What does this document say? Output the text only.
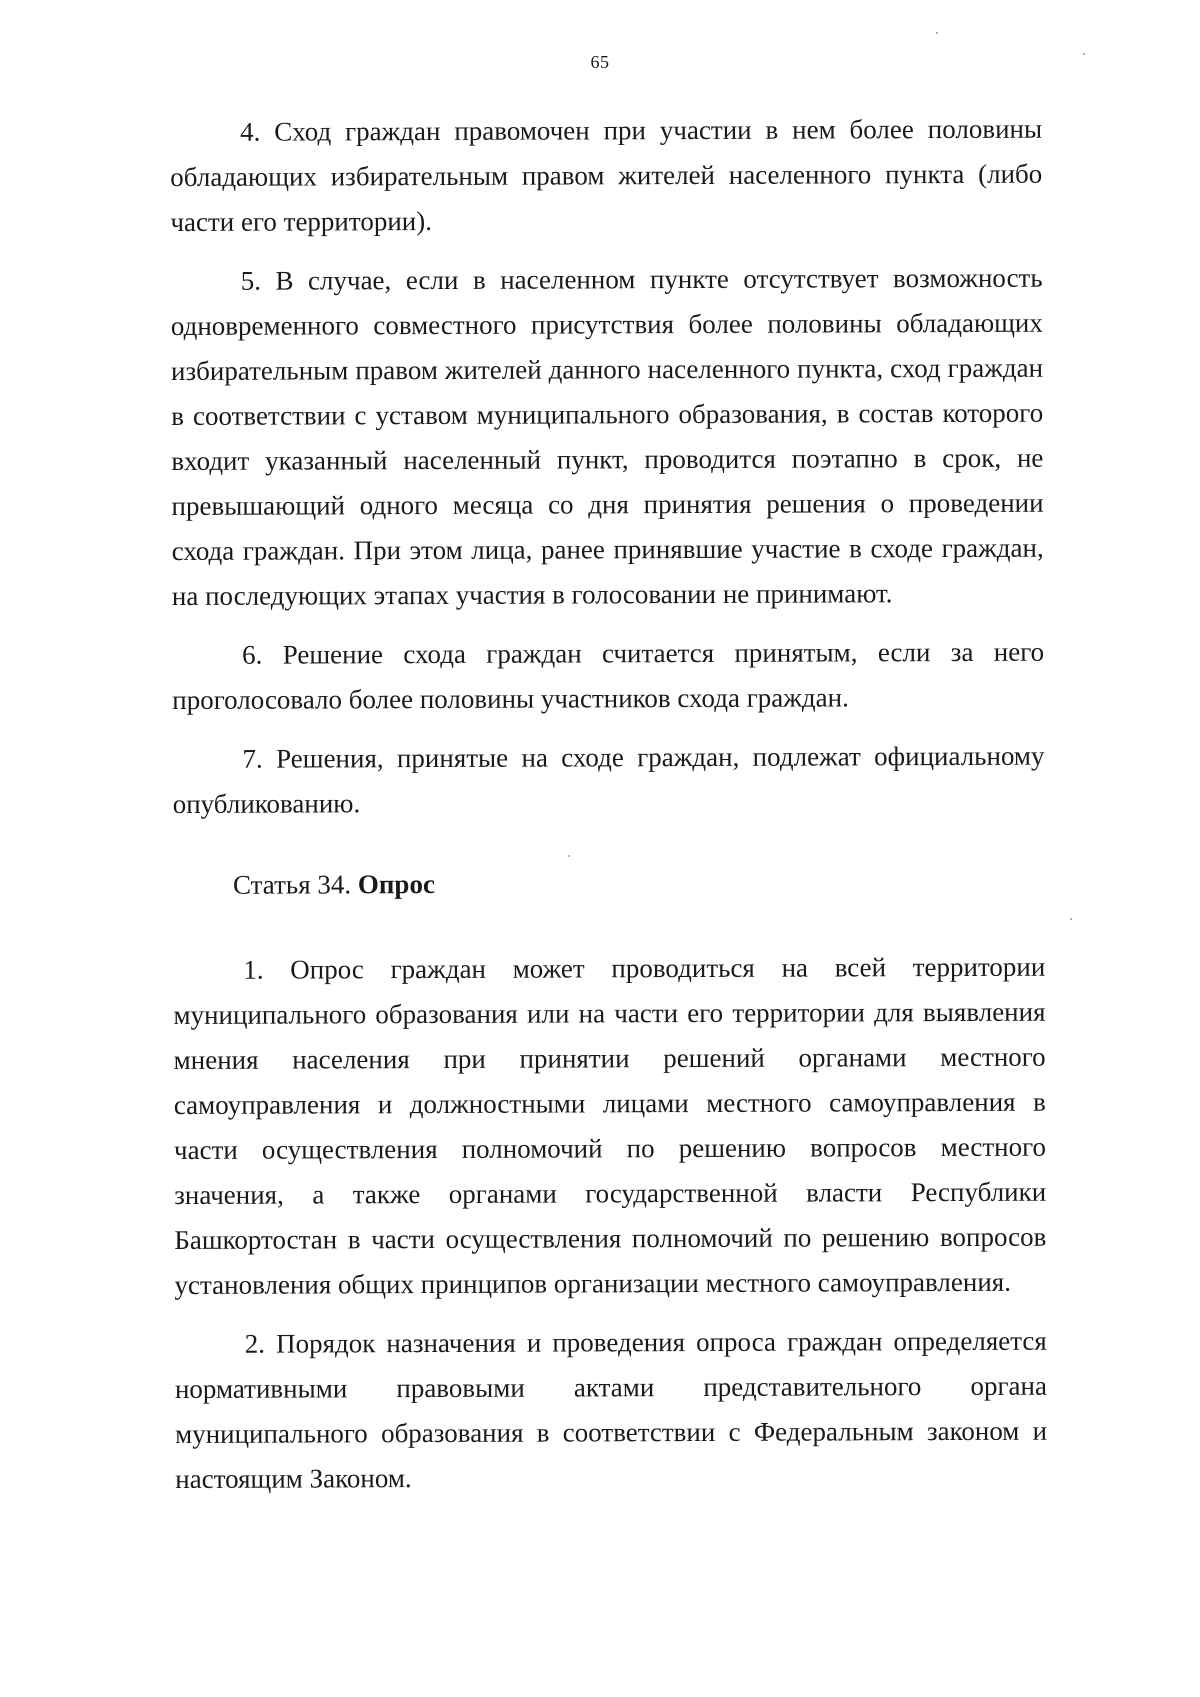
65

4. Сход граждан правомочен при участии в нем более половины обладающих избирательным правом жителей населенного пункта (либо части его территории).

5. В случае, если в населенном пункте отсутствует возможность одновременного совместного присутствия более половины обладающих избирательным правом жителей данного населенного пункта, сход граждан в соответствии с уставом муниципального образования, в состав которого входит указанный населенный пункт, проводится поэтапно в срок, не превышающий одного месяца со дня принятия решения о проведении схода граждан. При этом лица, ранее принявшие участие в сходе граждан, на последующих этапах участия в голосовании не принимают.

6. Решение схода граждан считается принятым, если за него проголосовало более половины участников схода граждан.

7. Решения, принятые на сходе граждан, подлежат официальному опубликованию.

Статья 34. Опрос

1. Опрос граждан может проводиться на всей территории муниципального образования или на части его территории для выявления мнения населения при принятии решений органами местного самоуправления и должностными лицами местного самоуправления в части осуществления полномочий по решению вопросов местного значения, а также органами государственной власти Республики Башкортостан в части осуществления полномочий по решению вопросов установления общих принципов организации местного самоуправления.

2. Порядок назначения и проведения опроса граждан определяется нормативными правовыми актами представительного органа муниципального образования в соответствии с Федеральным законом и настоящим Законом.
